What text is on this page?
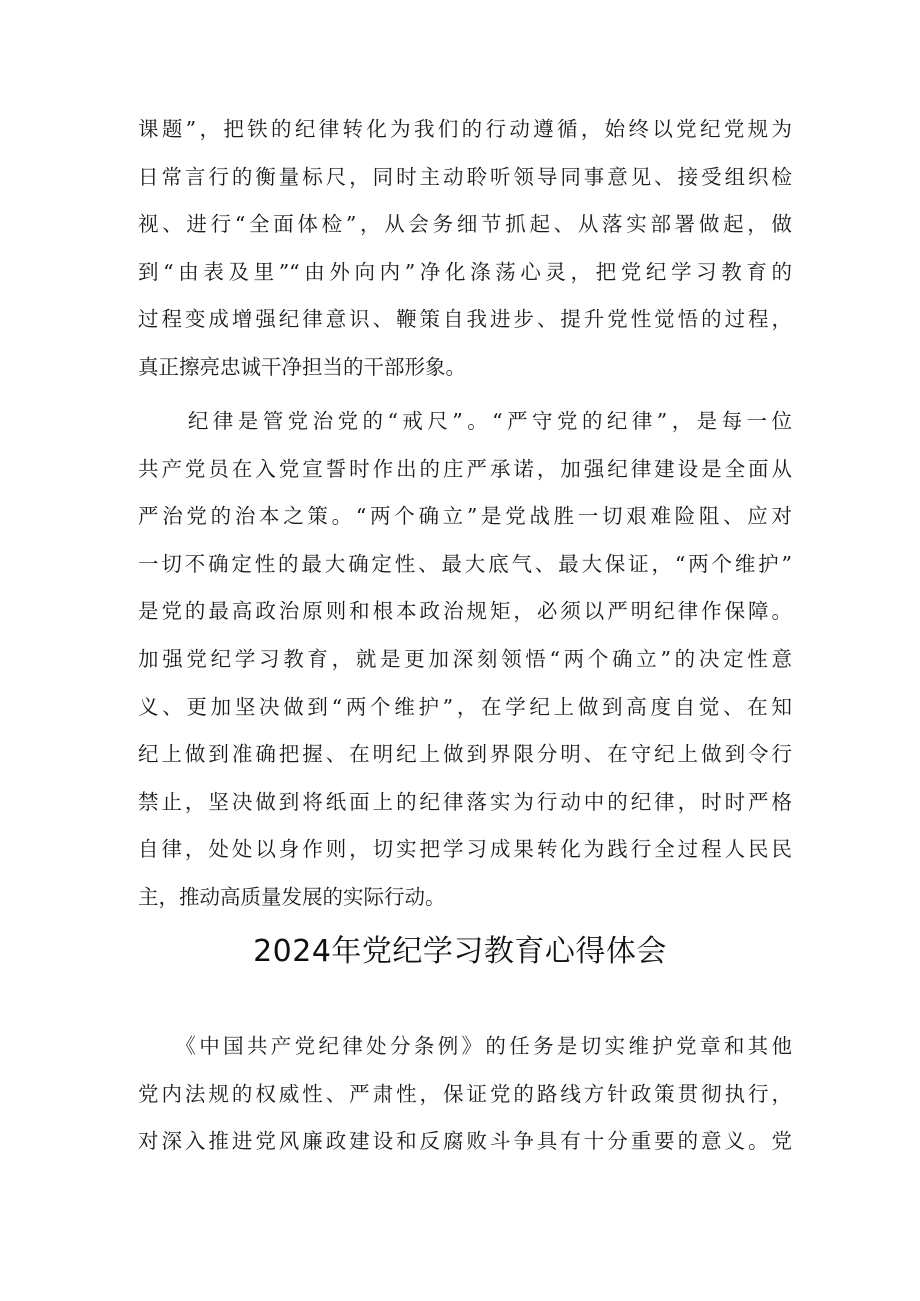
课题”，把铁的纪律转化为我们的行动遵循，始终以党纪党规为
日常言行的衡量标尺，同时主动聆听领导同事意见、接受组织检
视、进行“全面体检”，从会务细节抓起、从落实部署做起，做
到“由表及里”“由外向内”净化涤荡心灵，把党纪学习教育的
过程变成增强纪律意识、鞭策自我进步、提升党性觉悟的过程，
真正擦亮忠诚干净担当的干部形象。
　　纪律是管党治党的“戒尺”。“严守党的纪律”，是每一位
共产党员在入党宣誓时作出的庄严承诺，加强纪律建设是全面从
严治党的治本之策。“两个确立”是党战胜一切艰难险阻、应对
一切不确定性的最大确定性、最大底气、最大保证，“两个维护”
是党的最高政治原则和根本政治规矩，必须以严明纪律作保障。
加强党纪学习教育，就是更加深刻领悟“两个确立”的决定性意
义、更加坚决做到“两个维护”，在学纪上做到高度自觉、在知
纪上做到准确把握、在明纪上做到界限分明、在守纪上做到令行
禁止，坚决做到将纸面上的纪律落实为行动中的纪律，时时严格
自律，处处以身作则，切实把学习成果转化为践行全过程人民民
主，推动高质量发展的实际行动。
2024年党纪学习教育心得体会
　　《中国共产党纪律处分条例》的任务是切实维护党章和其他
党内法规的权威性、严肃性，保证党的路线方针政策贯彻执行，
对深入推进党风廉政建设和反腐败斗争具有十分重要的意义。党
